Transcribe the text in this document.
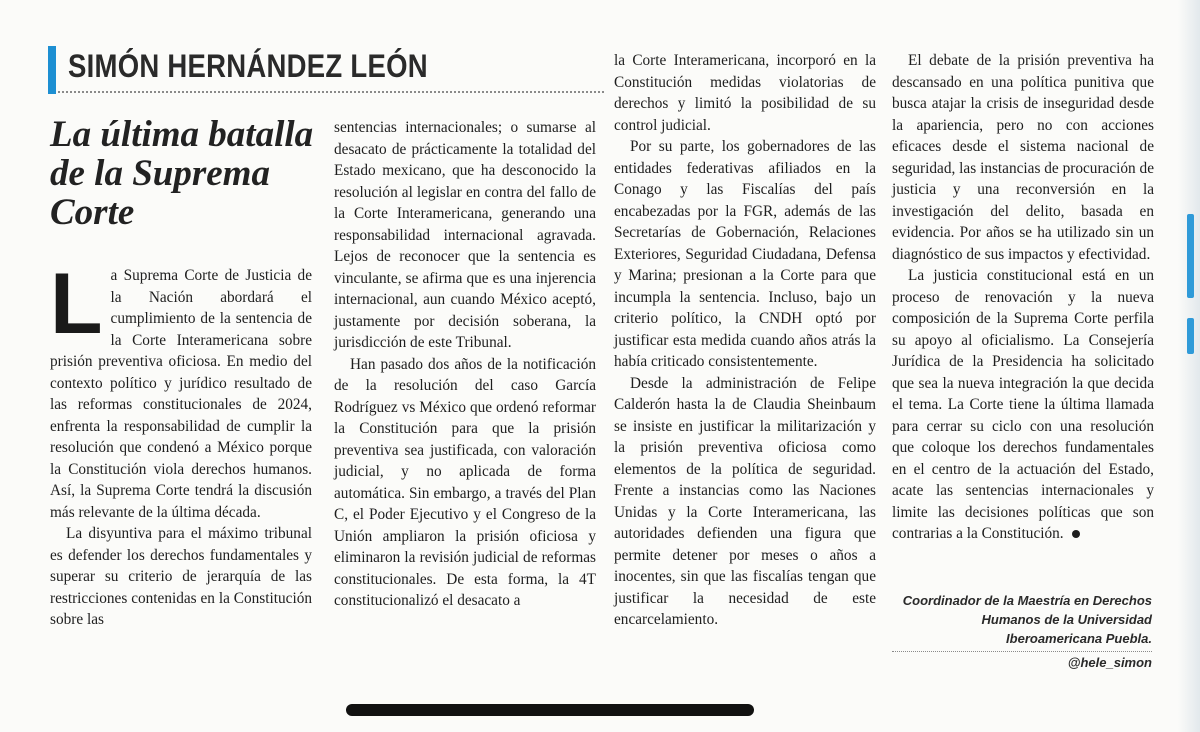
SIMÓN HERNÁNDEZ LEÓN
La última batalla de la Suprema Corte

La Suprema Corte de Justicia de la Nación abordará el cumplimiento de la sentencia de la Corte Interamericana sobre prisión preventiva oficiosa. En medio del contexto político y jurídico resultado de las reformas constitucionales de 2024, enfrenta la responsabilidad de cumplir la resolución que condenó a México porque la Constitución viola derechos humanos. Así, la Suprema Corte tendrá la discusión más relevante de la última década.

La disyuntiva para el máximo tribunal es defender los derechos fundamentales y superar su criterio de jerarquía de las restricciones contenidas en la Constitución sobre las

sentencias internacionales; o sumarse al desacato de prácticamente la totalidad del Estado mexicano, que ha desconocido la resolución al legislar en contra del fallo de la Corte Interamericana, generando una responsabilidad internacional agravada. Lejos de reconocer que la sentencia es vinculante, se afirma que es una injerencia internacional, aun cuando México aceptó, justamente por decisión soberana, la jurisdicción de este Tribunal.

Han pasado dos años de la notificación de la resolución del caso García Rodríguez vs México que ordenó reformar la Constitución para que la prisión preventiva sea justificada, con valoración judicial, y no aplicada de forma automática. Sin embargo, a través del Plan C, el Poder Ejecutivo y el Congreso de la Unión ampliaron la prisión oficiosa y eliminaron la revisión judicial de reformas constitucionales. De esta forma, la 4T constitucionalizó el desacato a

la Corte Interamericana, incorporó en la Constitución medidas violatorias de derechos y limitó la posibilidad de su control judicial.

Por su parte, los gobernadores de las entidades federativas afiliados en la Conago y las Fiscalías del país encabezadas por la FGR, además de las Secretarías de Gobernación, Relaciones Exteriores, Seguridad Ciudadana, Defensa y Marina; presionan a la Corte para que incumpla la sentencia. Incluso, bajo un criterio político, la CNDH optó por justificar esta medida cuando años atrás la había criticado consistentemente.

Desde la administración de Felipe Calderón hasta la de Claudia Sheinbaum se insiste en justificar la militarización y la prisión preventiva oficiosa como elementos de la política de seguridad. Frente a instancias como las Naciones Unidas y la Corte Interamericana, las autoridades defienden una figura que permite detener por meses o años a inocentes, sin que las fiscalías tengan que justificar la necesidad de este encarcelamiento.

El debate de la prisión preventiva ha descansado en una política punitiva que busca atajar la crisis de inseguridad desde la apariencia, pero no con acciones eficaces desde el sistema nacional de seguridad, las instancias de procuración de justicia y una reconversión en la investigación del delito, basada en evidencia. Por años se ha utilizado sin un diagnóstico de sus impactos y efectividad.

La justicia constitucional está en un proceso de renovación y la nueva composición de la Suprema Corte perfila su apoyo al oficialismo. La Consejería Jurídica de la Presidencia ha solicitado que sea la nueva integración la que decida el tema. La Corte tiene la última llamada para cerrar su ciclo con una resolución que coloque los derechos fundamentales en el centro de la actuación del Estado, acate las sentencias internacionales y limite las decisiones políticas que son contrarias a la Constitución.

Coordinador de la Maestría en Derechos
Humanos de la Universidad
Iberoamericana Puebla.
@hele_simon
